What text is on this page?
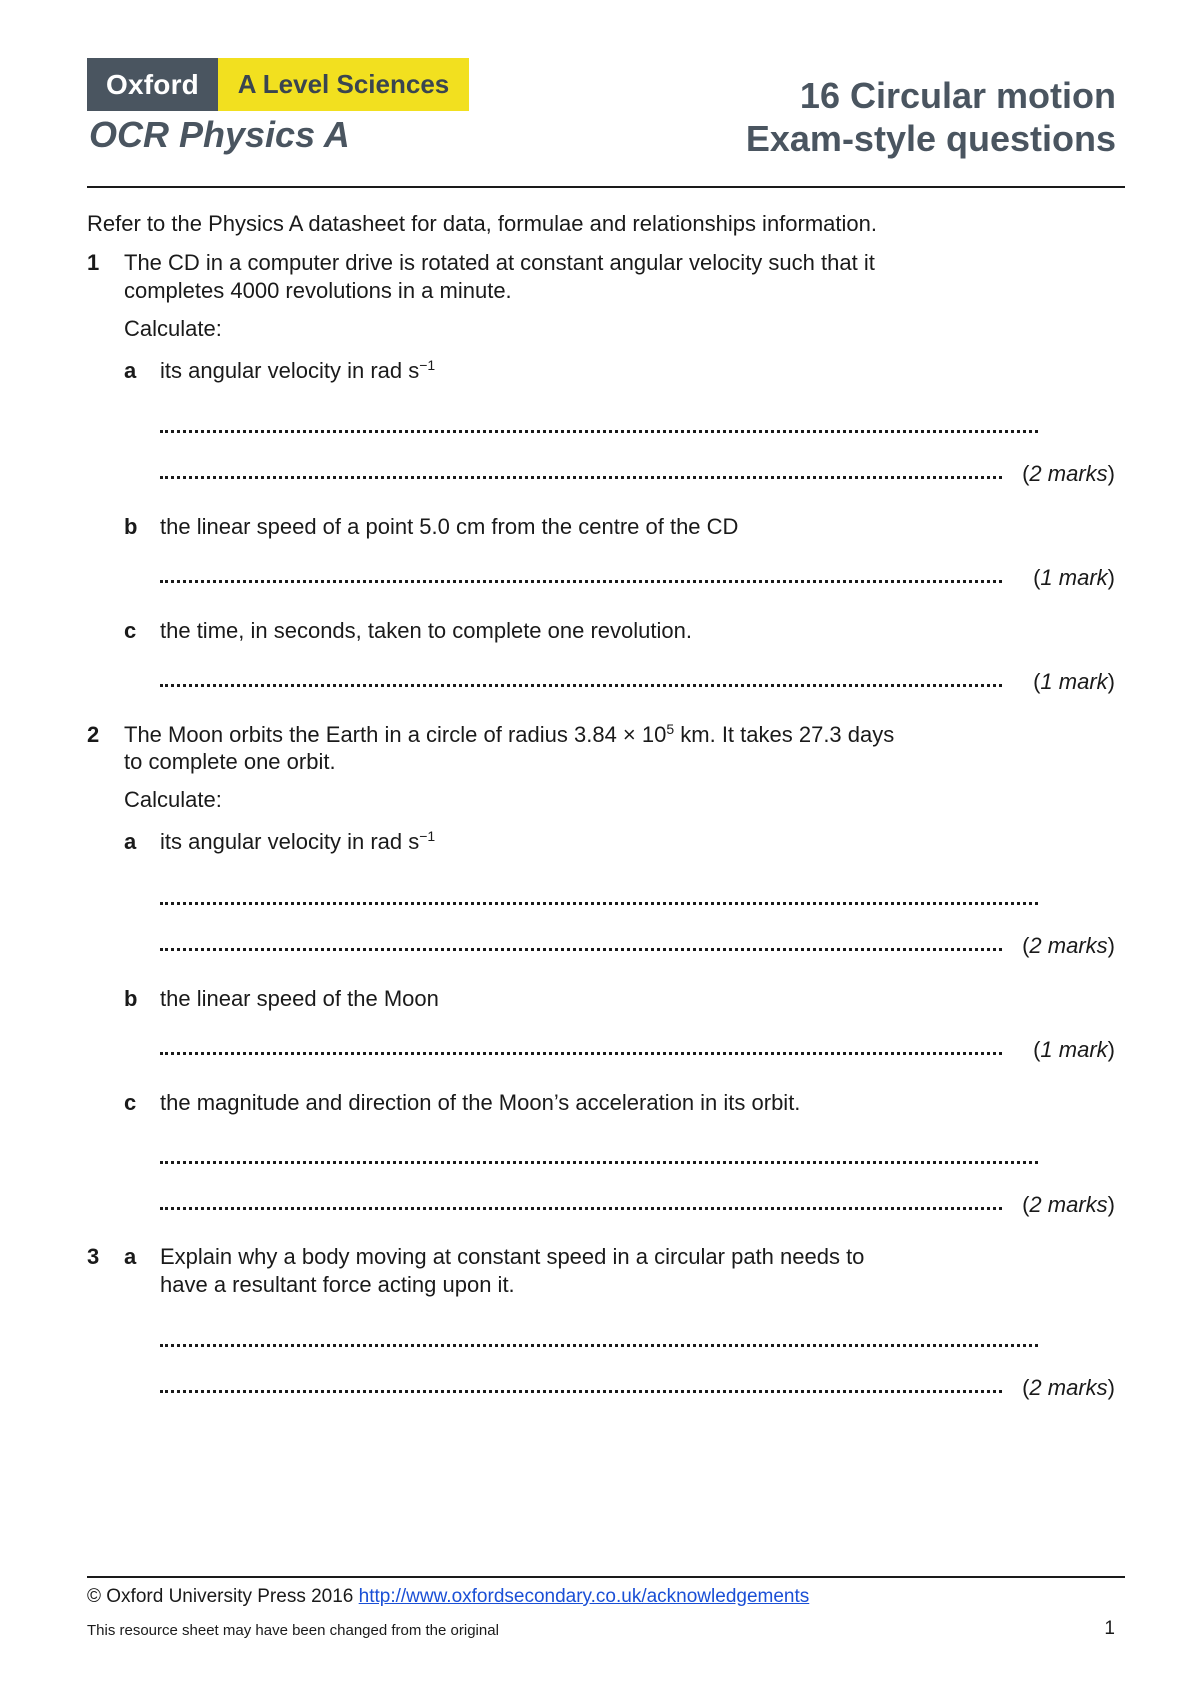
Oxford	A Level Sciences
OCR Physics A
16 Circular motion
Exam-style questions
Refer to the Physics A datasheet for data, formulae and relationships information.
1 The CD in a computer drive is rotated at constant angular velocity such that it
completes 4000 revolutions in a minute.
Calculate:
a its angular velocity in rad $s^{-1}$
(2 marks)
b the linear speed of a point 5.0 cm from the centre of the CD
(1 mark)
c the time, in seconds, taken to complete one revolution.
(1 mark)
2 The Moon orbits the Earth in a circle of radius $3.84 \times 10^5$ km. It takes 27.3 days
to complete one orbit.
Calculate:
a its angular velocity in rad $s^{-1}$
(2 marks)
b the linear speed of the Moon
(1 mark)
c the magnitude and direction of the Moon’s acceleration in its orbit.
(2 marks)
3 a Explain why a body moving at constant speed in a circular path needs to
have a resultant force acting upon it.
(2 marks)
© Oxford University Press 2016 http://www.oxfordsecondary.co.uk/acknowledgements
This resource sheet may have been changed from the original	1
